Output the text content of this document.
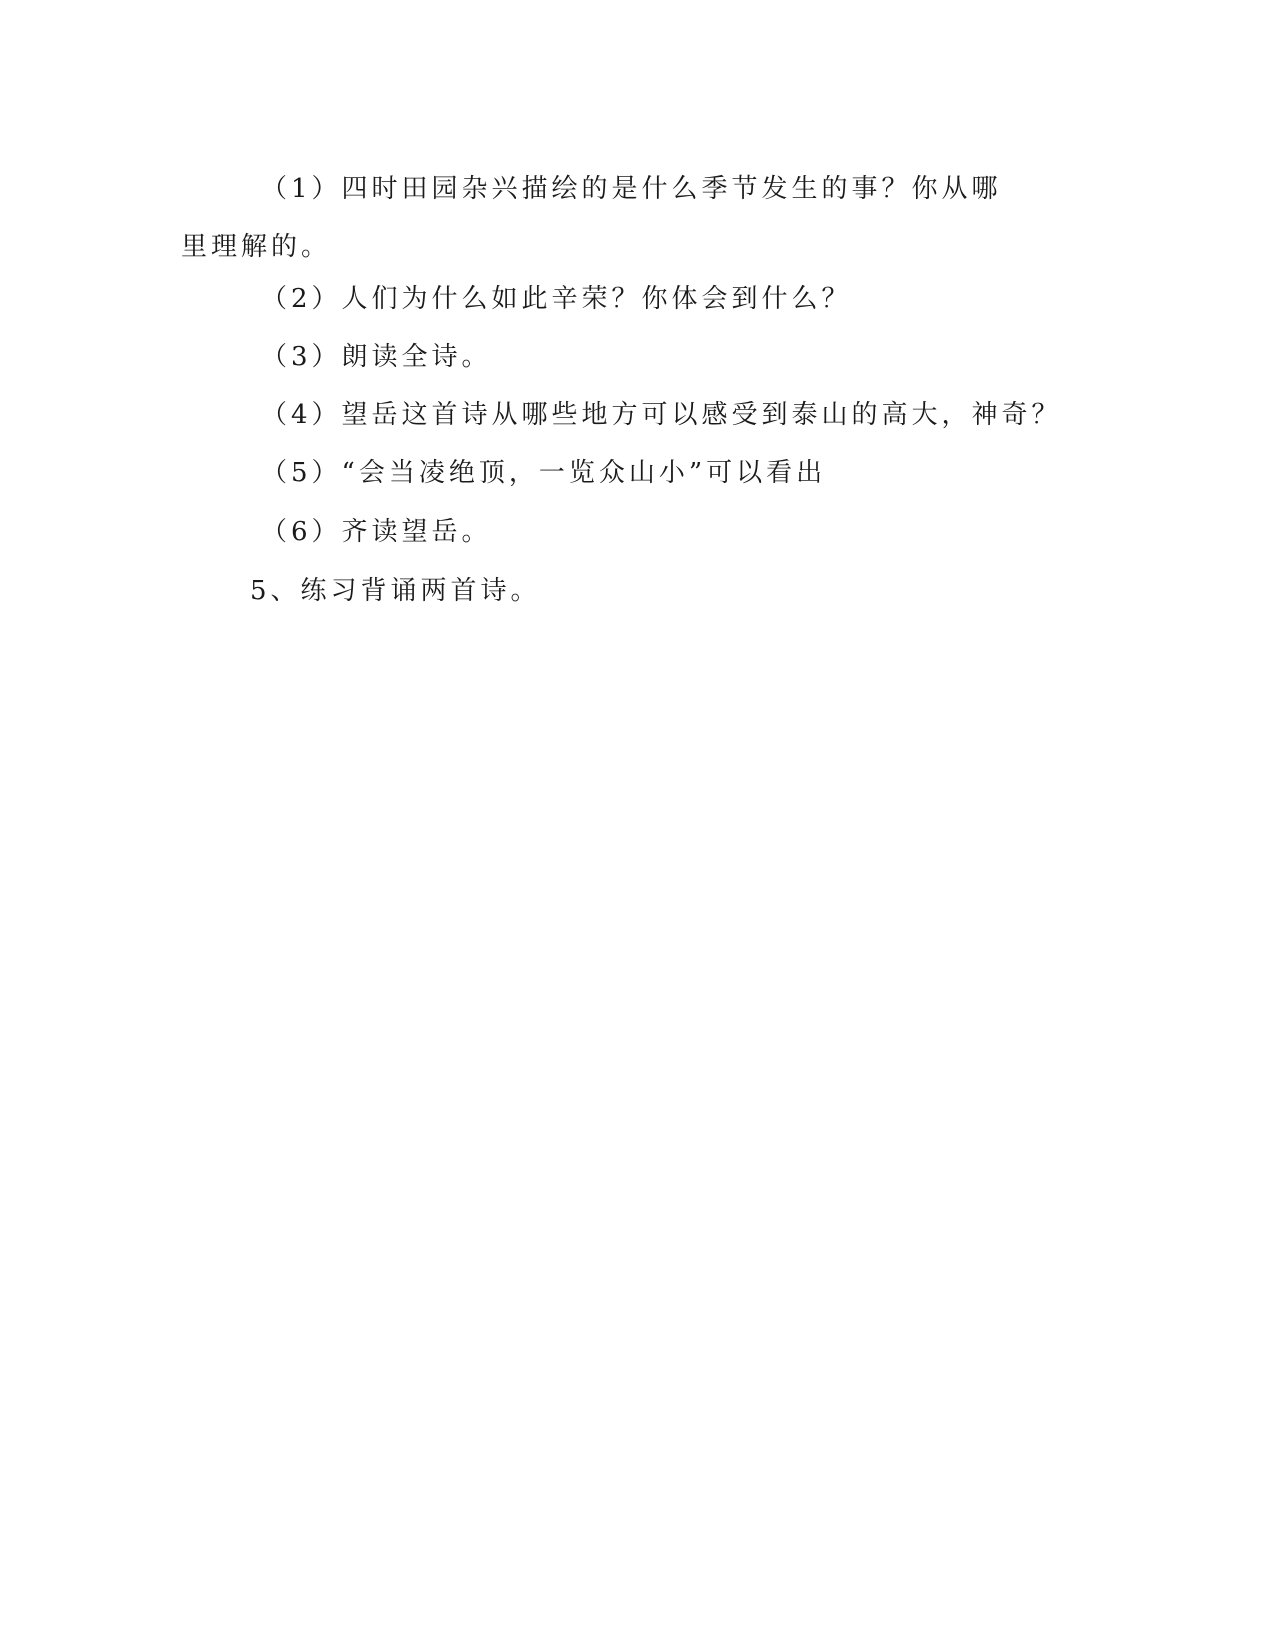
（1）四时田园杂兴描绘的是什么季节发生的事？你从哪里理解的。

（2）人们为什么如此辛荣？你体会到什么？

（3）朗读全诗。

（4）望岳这首诗从哪些地方可以感受到泰山的高大，神奇？

（5）“会当凌绝顶，一览众山小”可以看出

（6）齐读望岳。

5、练习背诵两首诗。
